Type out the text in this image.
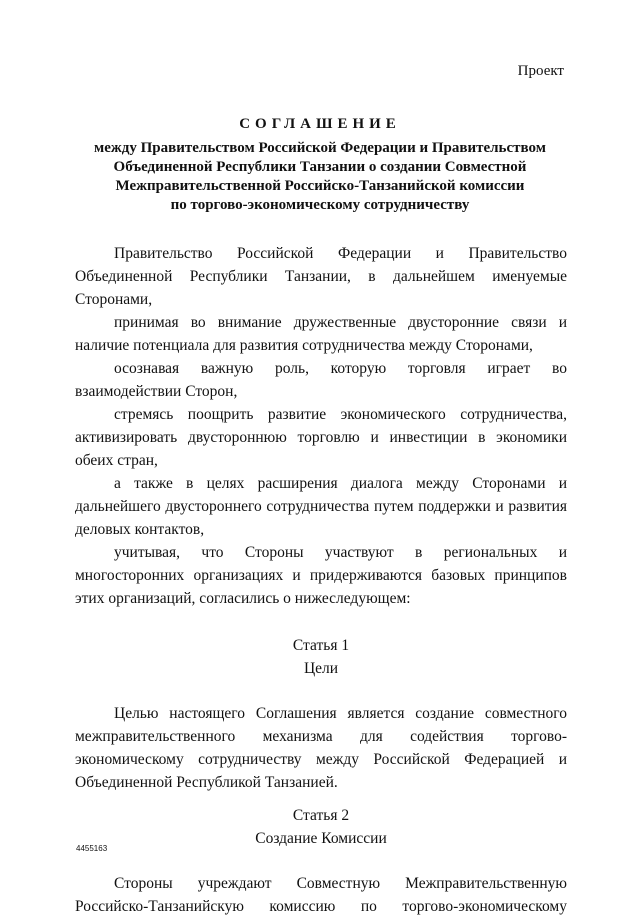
Проект
СОГЛАШЕНИЕ
между Правительством Российской Федерации и Правительством
Объединенной Республики Танзании о создании Совместной
Межправительственной Российско-Танзанийской комиссии
по торгово-экономическому сотрудничеству

Правительство Российской Федерации и Правительство Объединенной Республики Танзании, в дальнейшем именуемые Сторонами,

принимая во внимание дружественные двусторонние связи и наличие потенциала для развития сотрудничества между Сторонами,

осознавая важную роль, которую торговля играет во взаимодействии Сторон,

стремясь поощрить развитие экономического сотрудничества, активизировать двустороннюю торговлю и инвестиции в экономики обеих стран,

а также в целях расширения диалога между Сторонами и дальнейшего двустороннего сотрудничества путем поддержки и развития деловых контактов,

учитывая, что Стороны участвуют в региональных и многосторонних организациях и придерживаются базовых принципов этих организаций, согласились о нижеследующем:

Статья 1

Цели

Целью настоящего Соглашения является создание совместного межправительственного механизма для содействия торгово-экономическому сотрудничеству между Российской Федерацией и Объединенной Республикой Танзанией.

Статья 2

Создание Комиссии

Стороны учреждают Совместную Межправительственную Российско-Танзанийскую комиссию по торгово-экономическому

4455163
